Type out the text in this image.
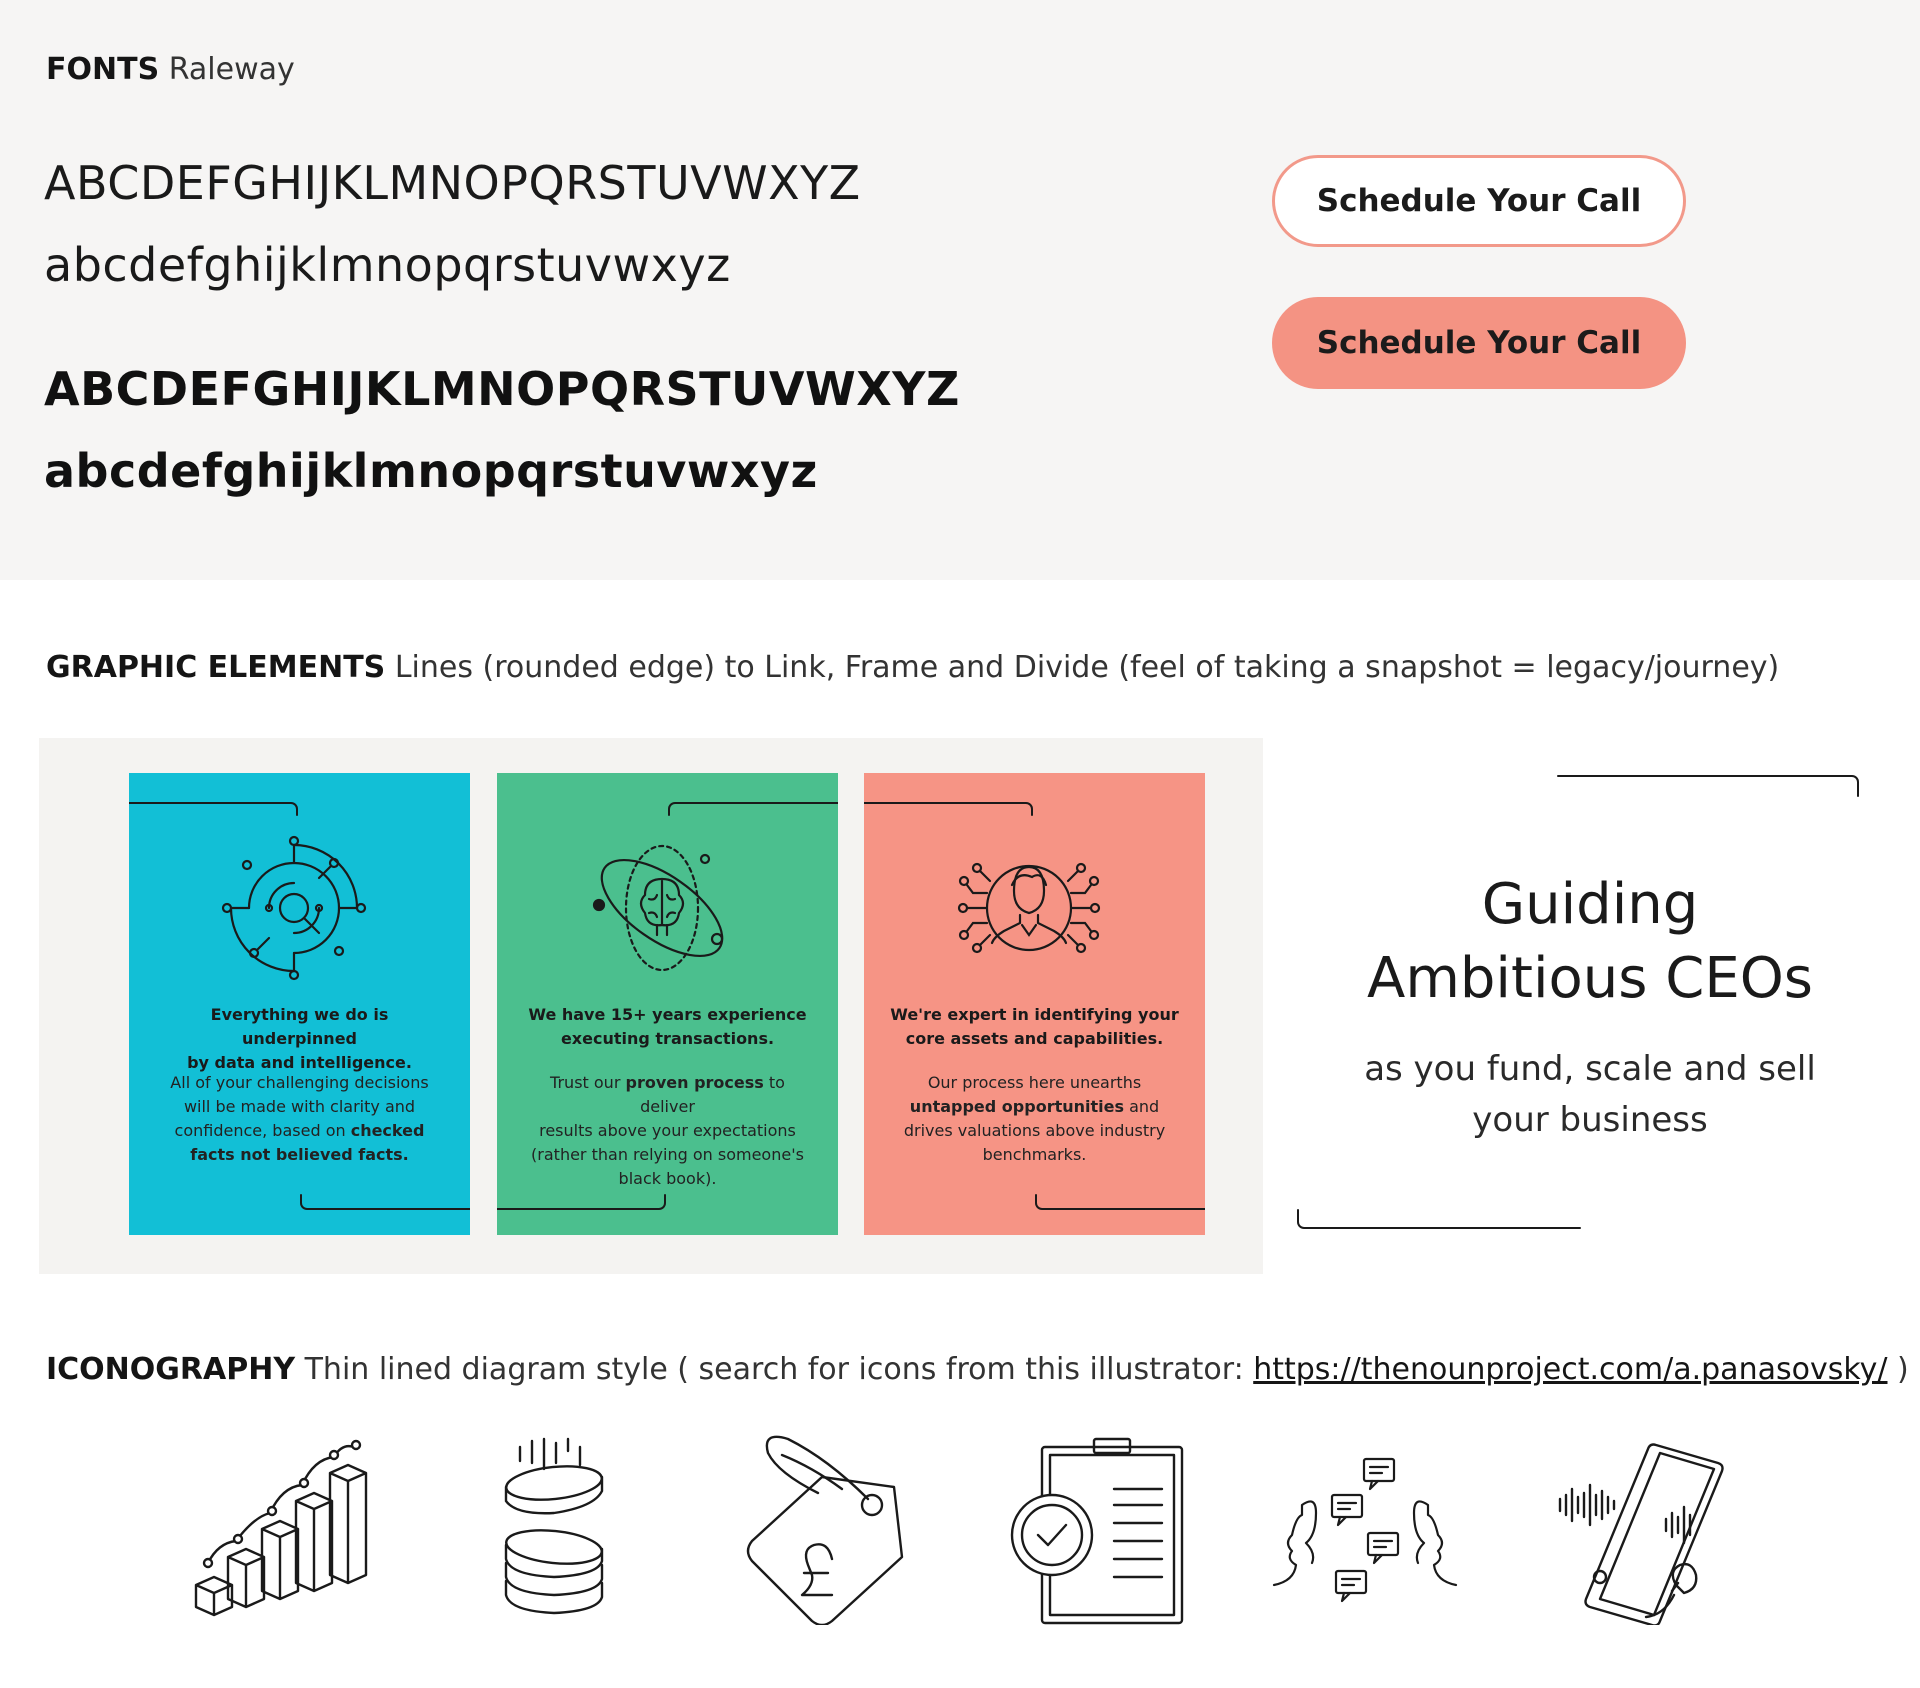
FONTS Raleway
ABCDEFGHIJKLMNOPQRSTUVWXYZ
abcdefghijklmnopqrstuvwxyz
ABCDEFGHIJKLMNOPQRSTUVWXYZ
abcdefghijklmnopqrstuvwxyz
Schedule Your Call
Schedule Your Call
GRAPHIC ELEMENTS Lines (rounded edge) to Link, Frame and Divide (feel of taking a snapshot = legacy/journey)
Everything we do is underpinned
by data and intelligence.
All of your challenging decisions
will be made with clarity and
confidence, based on checked
facts not believed facts.
We have 15+ years experience
executing transactions.
Trust our proven process to deliver
results above your expectations
(rather than relying on someone's
black book).
We're expert in identifying your
core assets and capabilities.
Our process here unearths
untapped opportunities and
drives valuations above industry
benchmarks.
Guiding
Ambitious CEOs
as you fund, scale and sell
your business
ICONOGRAPHY Thin lined diagram style ( search for icons from this illustrator: https://thenounproject.com/a.panasovsky/ )
